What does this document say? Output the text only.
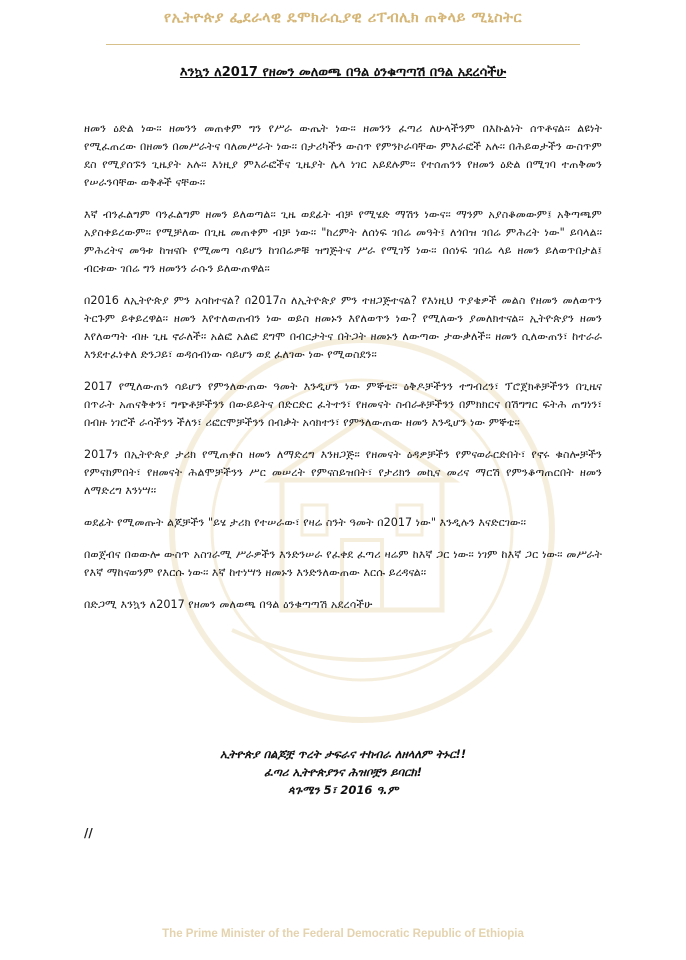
የኢትዮጵያ ፌደራላዊ ዴሞክራሲያዊ ሪፐብሊክ ጠቅላይ ሚኒስትር
እንኳን ለ2017 የዘመን መለወጫ በዓል ዕንቁጣጣሽ በዓል አደረሳችሁ

ዘመን ዕድል ነው፡፡ ዘመንን መጠቀም ግን የሥራ ውጤት ነው፡፡ ዘመንን ፈጣሪ ለሁላችንም በእኩልነት ሰጥቶናል፡፡ ልዩነት የሚፈጠረው በዘመን በመሥራትና ባለመሥራት ነው፡፡ በታሪካችን ውስጥ የምንኮራባቸው ምእራፎች አሉ፡፡ በሕይወታችን ውስጥም ደስ የሚያሰኙን ጊዜያት አሉ፡፡ እነዚያ ምእራፎችና ጊዜያት ሌላ ነገር አይደሉም፡፡ የተሰጠንን የዘመን ዕድል በሚገባ ተጠቅመን የሠራንባቸው ወቅቶች ናቸው፡፡

እኛ ብንፈልግም ባንፈልግም ዘመን ይለወጣል፡፡ ጊዜ ወደፊት ብቻ የሚሄድ ማሽን ነውና፡፡ ማንም አያስቆመውም፤ አቅጣጫም አያስቀይረውም፡፡ የሚቻለው በጊዜ መጠቀም ብቻ ነው፡፡ "ከረምት ለሰነፍ ገበሬ መዓት፤ ለጎበዝ ገበሬ ምሕረት ነው" ይባላል፡፡ ምሕረትና መዓቱ ከዝናቡ የሚመጣ ሳይሆን ከገበሬዎቹ ዝግጅትና ሥራ የሚገኝ ነው፡፡ በሰነፍ ገበሬ ላይ ዘመን ይለወጥበታል፤ ብርቱው ገበሬ ግን ዘመንን ራሱን ይለውጠዋል፡፡

በ2016 ለኢትዮጵያ ምን አሳከተናል? በ2017ስ ለኢትዮጵያ ምን ተዘጋጅተናል? የእነዚህ ጥያቄዎች መልስ የዘመን መለወጥን ትርጉም ይቀይረዋል፡፡ ዘመን እየተለወጠብን ነው ወይስ ዘመኑን እየለወጥን ነው? የሚለውን ያመለክተናል፡፡ ኢትዮጵያን ዘመን እየለወጣት ብዙ ጊዜ ኖራለች፡፡ አልፎ አልፎ ደግሞ በብርታትና በትጋት ዘመኑን ለውጣው ታውቃለች፡፡ ዘመን ሲለውጠን፣ ከተራራ እንደተፈነቀለ ድንጋይ፣ ወዳሰብነው ሳይሆን ወደ ፈለገው ነው የሚወስደን፡፡

2017 የሚለውጠን ሳይሆን የምንለውጠው ዓመት እንዲሆን ነው ምኞቴ፡፡ ዕቅዶቻችንን ተግብረን፣ ፕሮጀክቶቻችንን በጊዜና በጥራት አጠናቅቀን፣ ግጭቶቻችንን በውይይትና በድርድር ፈትተን፣ የዘመናት ስብራቶቻችንን በምክክርና በሽግግር ፍትሕ ጠግነን፣ በብዙ ነገሮች ራሳችንን ችለን፣ ሪፎርሞቻችንን በብቃት አሳክተን፣ የምንለውጠው ዘመን እንዲሆን ነው ምኞቴ፡፡

2017ን በኢትዮጵያ ታሪክ የሚጠቀስ ዘመን ለማድረግ እንዘጋጅ፡፡ የዘመናት ዕዳዎቻችን የምናወራርድበት፣ የኖሩ ቁስሎቻችን የምናክምበት፣ የዘመናት ሕልሞቻችንን ሥር መሠረት የምናስይዝበት፣ የታሪክን መኪና መሪና ማርሽ የምንቆጣጠርበት ዘመን ለማድረግ እንነሣ፡፡

ወደፊት የሚመጡት ልጆቻችን "ይሄ ታሪክ የተሠራው፣ የዛሬ ስንት ዓመት በ2017 ነው" እንዲሉን እናድርገው፡፡

በወጀብና በወውሎ ውስጥ አስገራሚ ሥራዎችን እንድንሠራ የፈቀደ ፈጣሪ ዛሬም ከእኛ ጋር ነው፡፡ ነገም ከእኛ ጋር ነው፡፡ መሥራት የእኛ ማከናወንም የእርሱ ነው፡፡ እኛ ከተነሣን ዘመኑን እንድንለውጠው እርሱ ይረዳናል፡፡

በድጋሚ እንኳን ለ2017 የዘመን መለወጫ በዓል ዕንቁጣጣሽ አደረሳችሁ

ኢትዮጵያ በልጆቿ ጥረት ታፍራና ተከብራ ለዘላለም ትኑር!!
ፈጣሪ ኢትዮጵያንና ሕዝቦቿን ይባርክ!
ጳጉሜን 5፣ 2016 ዓ.ም
//
The Prime Minister of the Federal Democratic Republic of Ethiopia
